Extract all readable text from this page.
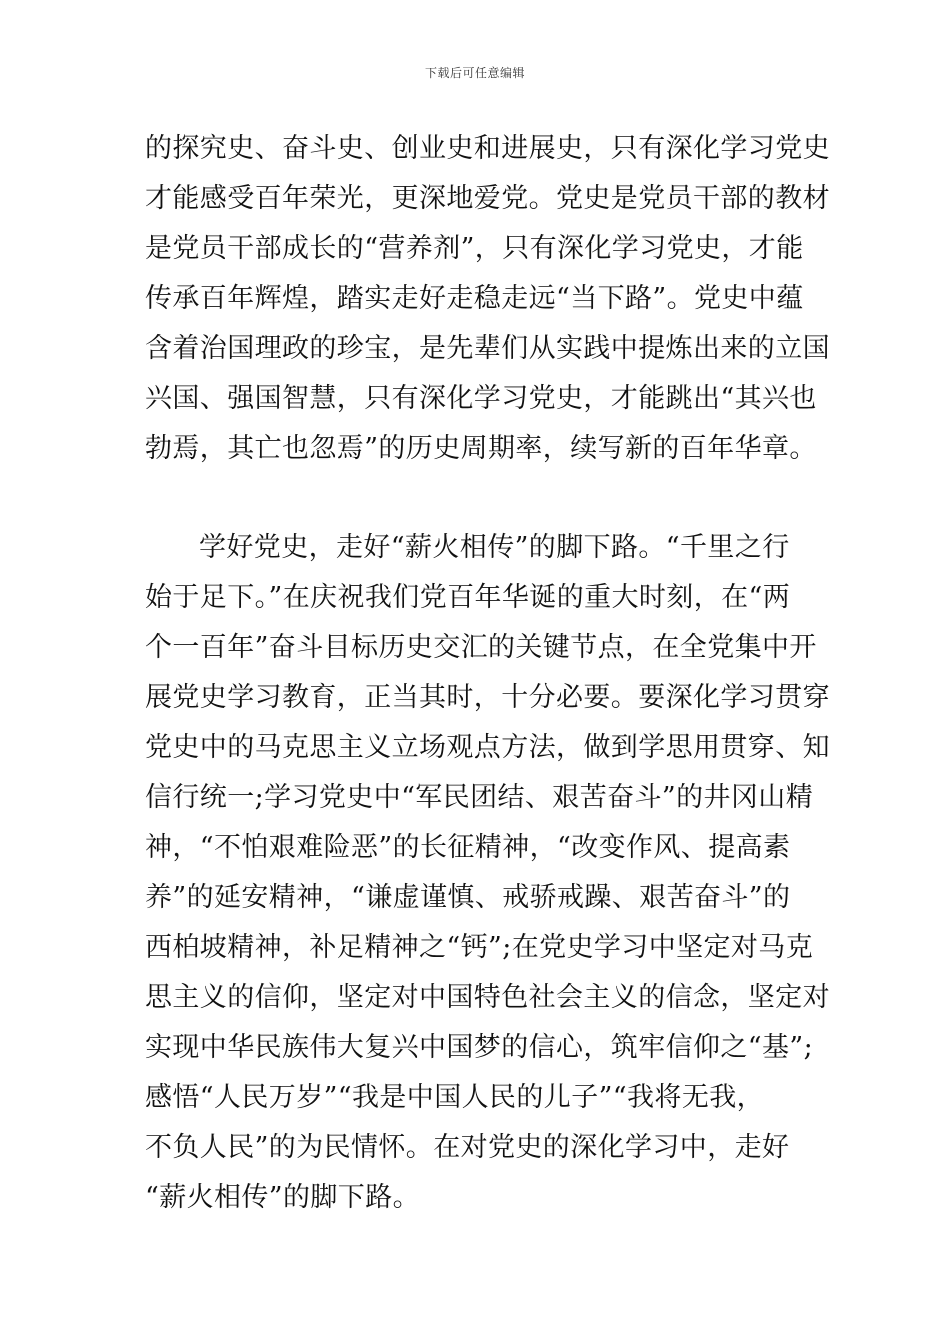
下载后可任意编辑
的探究史、奋斗史、创业史和进展史，只有深化学习党史
才能感受百年荣光，更深地爱党。党史是党员干部的教材
是党员干部成长的“营养剂”，只有深化学习党史，才能
传承百年辉煌，踏实走好走稳走远“当下路”。党史中蕴
含着治国理政的珍宝，是先辈们从实践中提炼出来的立国
兴国、强国智慧，只有深化学习党史，才能跳出“其兴也
勃焉，其亡也忽焉”的历史周期率，续写新的百年华章。
学好党史，走好“薪火相传”的脚下路。“千里之行
始于足下。”在庆祝我们党百年华诞的重大时刻，在“两
个一百年”奋斗目标历史交汇的关键节点，在全党集中开
展党史学习教育，正当其时，十分必要。要深化学习贯穿
党史中的马克思主义立场观点方法，做到学思用贯穿、知
信行统一;学习党史中“军民团结、艰苦奋斗”的井冈山精
神，“不怕艰难险恶”的长征精神，“改变作风、提高素
养”的延安精神，“谦虚谨慎、戒骄戒躁、艰苦奋斗”的
西柏坡精神，补足精神之“钙”;在党史学习中坚定对马克
思主义的信仰，坚定对中国特色社会主义的信念，坚定对
实现中华民族伟大复兴中国梦的信心，筑牢信仰之“基”;
感悟“人民万岁”“我是中国人民的儿子”“我将无我，
不负人民”的为民情怀。在对党史的深化学习中，走好
“薪火相传”的脚下路。
